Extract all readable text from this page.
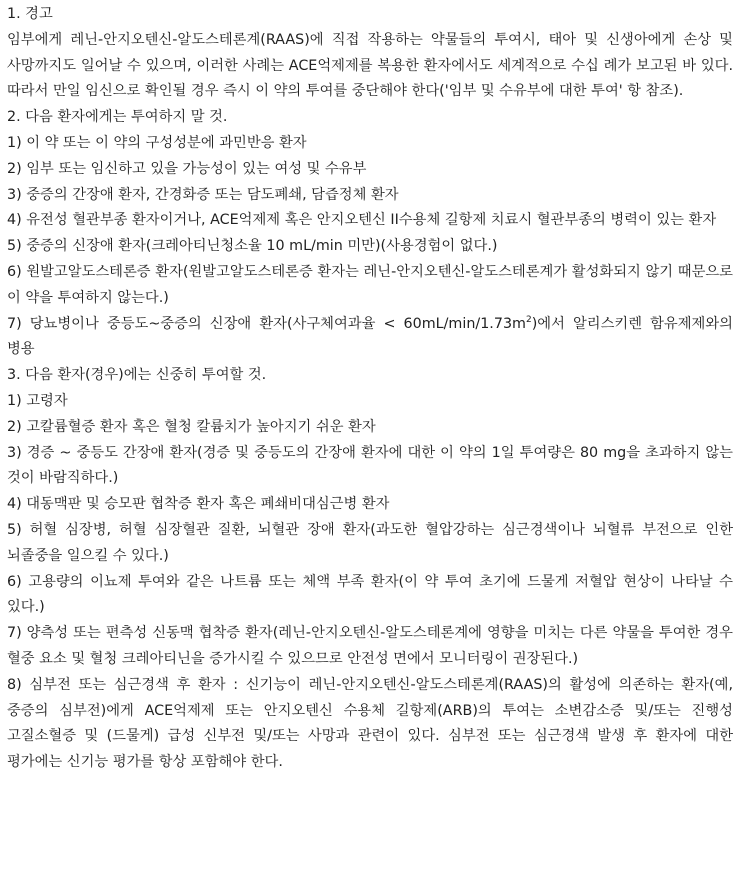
1. 경고

임부에게 레닌-안지오텐신-알도스테론계(RAAS)에 직접 작용하는 약물들의 투여시, 태아 및 신생아에게 손상 및 사망까지도 일어날 수 있으며, 이러한 사례는 ACE억제제를 복용한 환자에서도 세계적으로 수십 례가 보고된 바 있다. 따라서 만일 임신으로 확인될 경우 즉시 이 약의 투여를 중단해야 한다('임부 및 수유부에 대한 투여' 항 참조).

2. 다음 환자에게는 투여하지 말 것.

1) 이 약 또는 이 약의 구성성분에 과민반응 환자

2) 임부 또는 임신하고 있을 가능성이 있는 여성 및 수유부

3) 중증의 간장애 환자, 간경화증 또는 담도폐쇄, 담즙정체 환자

4) 유전성 혈관부종 환자이거나, ACE억제제 혹은 안지오텐신 II수용체 길항제 치료시 혈관부종의 병력이 있는 환자

5) 중증의 신장애 환자(크레아티닌청소율 10 mL/min 미만)(사용경험이 없다.)

6) 원발고알도스테론증 환자(원발고알도스테론증 환자는 레닌-안지오텐신-알도스테론계가 활성화되지 않기 때문으로 이 약을 투여하지 않는다.)

7) 당뇨병이나 중등도~중증의 신장애 환자(사구체여과율 < $60mL/\min/1.73m^2$)에서 알리스키렌 함유제제와의 병용

3. 다음 환자(경우)에는 신중히 투여할 것.

1) 고령자

2) 고칼륨혈증 환자 혹은 혈청 칼륨치가 높아지기 쉬운 환자

3) 경증 ~ 중등도 간장애 환자(경증 및 중등도의 간장애 환자에 대한 이 약의 1일 투여량은 80 mg을 초과하지 않는 것이 바람직하다.)

4) 대동맥판 및 승모판 협착증 환자 혹은 폐쇄비대심근병 환자

5) 허혈 심장병, 허혈 심장혈관 질환, 뇌혈관 장애 환자(과도한 혈압강하는 심근경색이나 뇌혈류 부전으로 인한 뇌졸중을 일으킬 수 있다.)

6) 고용량의 이뇨제 투여와 같은 나트륨 또는 체액 부족 환자(이 약 투여 초기에 드물게 저혈압 현상이 나타날 수 있다.)

7) 양측성 또는 편측성 신동맥 협착증 환자(레닌-안지오텐신-알도스테론계에 영향을 미치는 다른 약물을 투여한 경우 혈중 요소 및 혈청 크레아티닌을 증가시킬 수 있으므로 안전성 면에서 모니터링이 권장된다.)

8) 심부전 또는 심근경색 후 환자 : 신기능이 레닌-안지오텐신-알도스테론계(RAAS)의 활성에 의존하는 환자(예, 중증의 심부전)에게 ACE억제제 또는 안지오텐신 수용체 길항제(ARB)의 투여는 소변감소증 및/또는 진행성 고질소혈증 및 (드물게) 급성 신부전 및/또는 사망과 관련이 있다. 심부전 또는 심근경색 발생 후 환자에 대한 평가에는 신기능 평가를 항상 포함해야 한다.
